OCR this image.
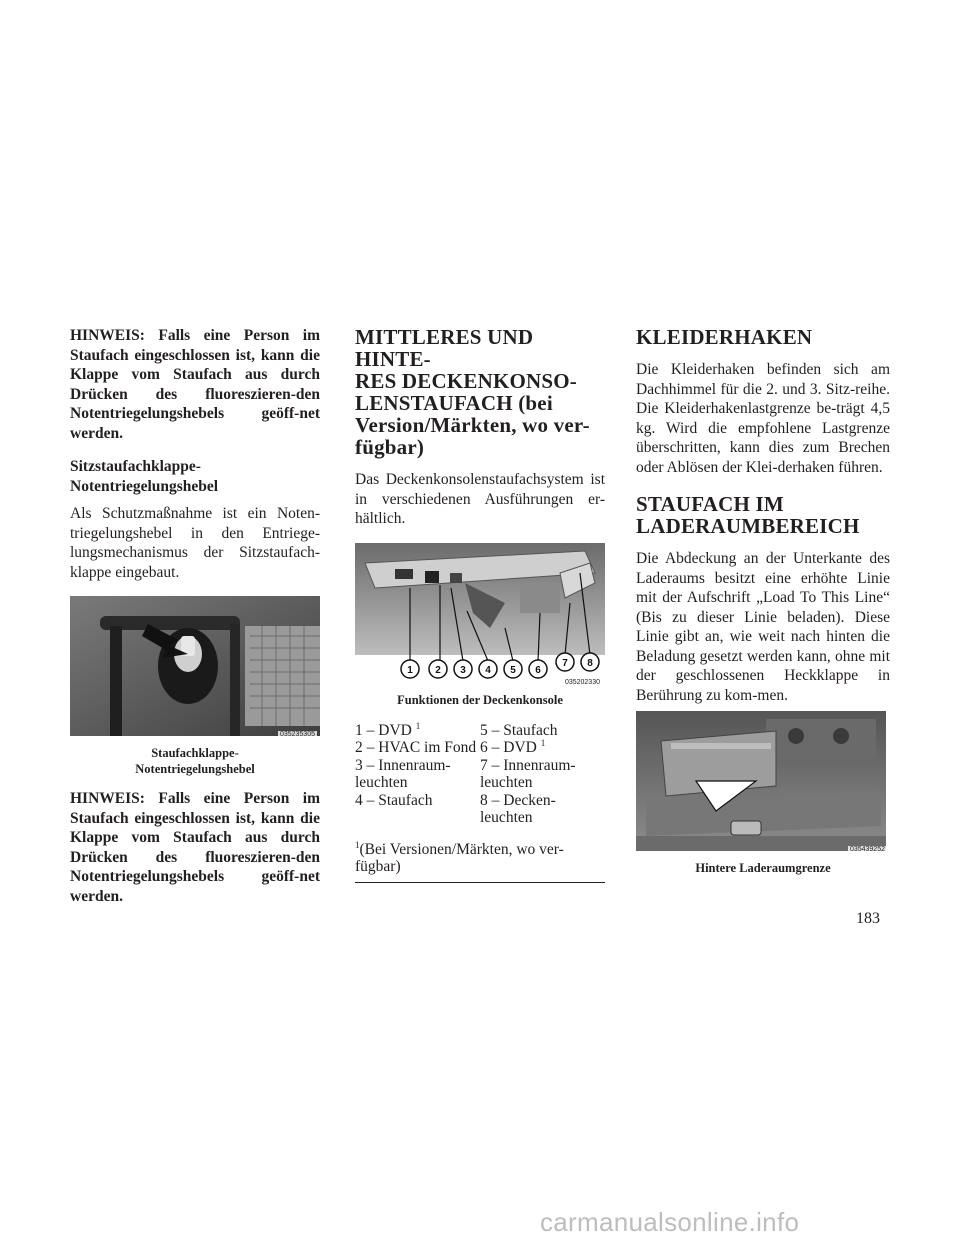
HINWEIS: Falls eine Person im Staufach eingeschlossen ist, kann die Klappe vom Staufach aus durch Drücken des fluoreszieren-den Notentriegelungshebels geöff-net werden.

Sitzstaufachklappe-Notentriegelungshebel

Als Schutzmaßnahme ist ein Noten-triegelungshebel in den Entriege-lungsmechanismus der Sitzstaufach-klappe eingebaut.

035235305
Staufachklappe-
Notentriegelungshebel

HINWEIS: Falls eine Person im Staufach eingeschlossen ist, kann die Klappe vom Staufach aus durch Drücken des fluoreszieren-den Notentriegelungshebels geöff-net werden.

MITTLERES UND HINTE-
RES DECKENKONSO-
LENSTAUFACH (bei
Version/Märkten, wo ver-
fügbar)

Das Deckenkonsolenstaufachsystem ist in verschiedenen Ausführungen er-hältlich.

1 2 3 4 5 6
7 8
035202330
Funktionen der Deckenkonsole
1 – DVD $^1$
2 – HVAC im Fond
3 – Innenraum-leuchten
4 – Staufach
5 – Staufach
6 – DVD $^1$
7 – Innenraum-leuchten
8 – Decken-leuchten
$^1$(Bei Versionen/Märkten, wo ver-fügbar)
KLEIDERHAKEN

Die Kleiderhaken befinden sich am Dachhimmel für die 2. und 3. Sitz-reihe. Die Kleiderhakenlastgrenze be-trägt 4,5 kg. Wird die empfohlene Lastgrenze überschritten, kann dies zum Brechen oder Ablösen der Klei-derhaken führen.

STAUFACH IM
LADERAUMBEREICH

Die Abdeckung an der Unterkante des Laderaums besitzt eine erhöhte Linie mit der Aufschrift „Load To This Line“ (Bis zu dieser Linie beladen). Diese Linie gibt an, wie weit nach hinten die Beladung gesetzt werden kann, ohne mit der geschlossenen Heckklappe in Berührung zu kom-men.

035439252
Hintere Laderaumgrenze
183
carmanualsonline.info
